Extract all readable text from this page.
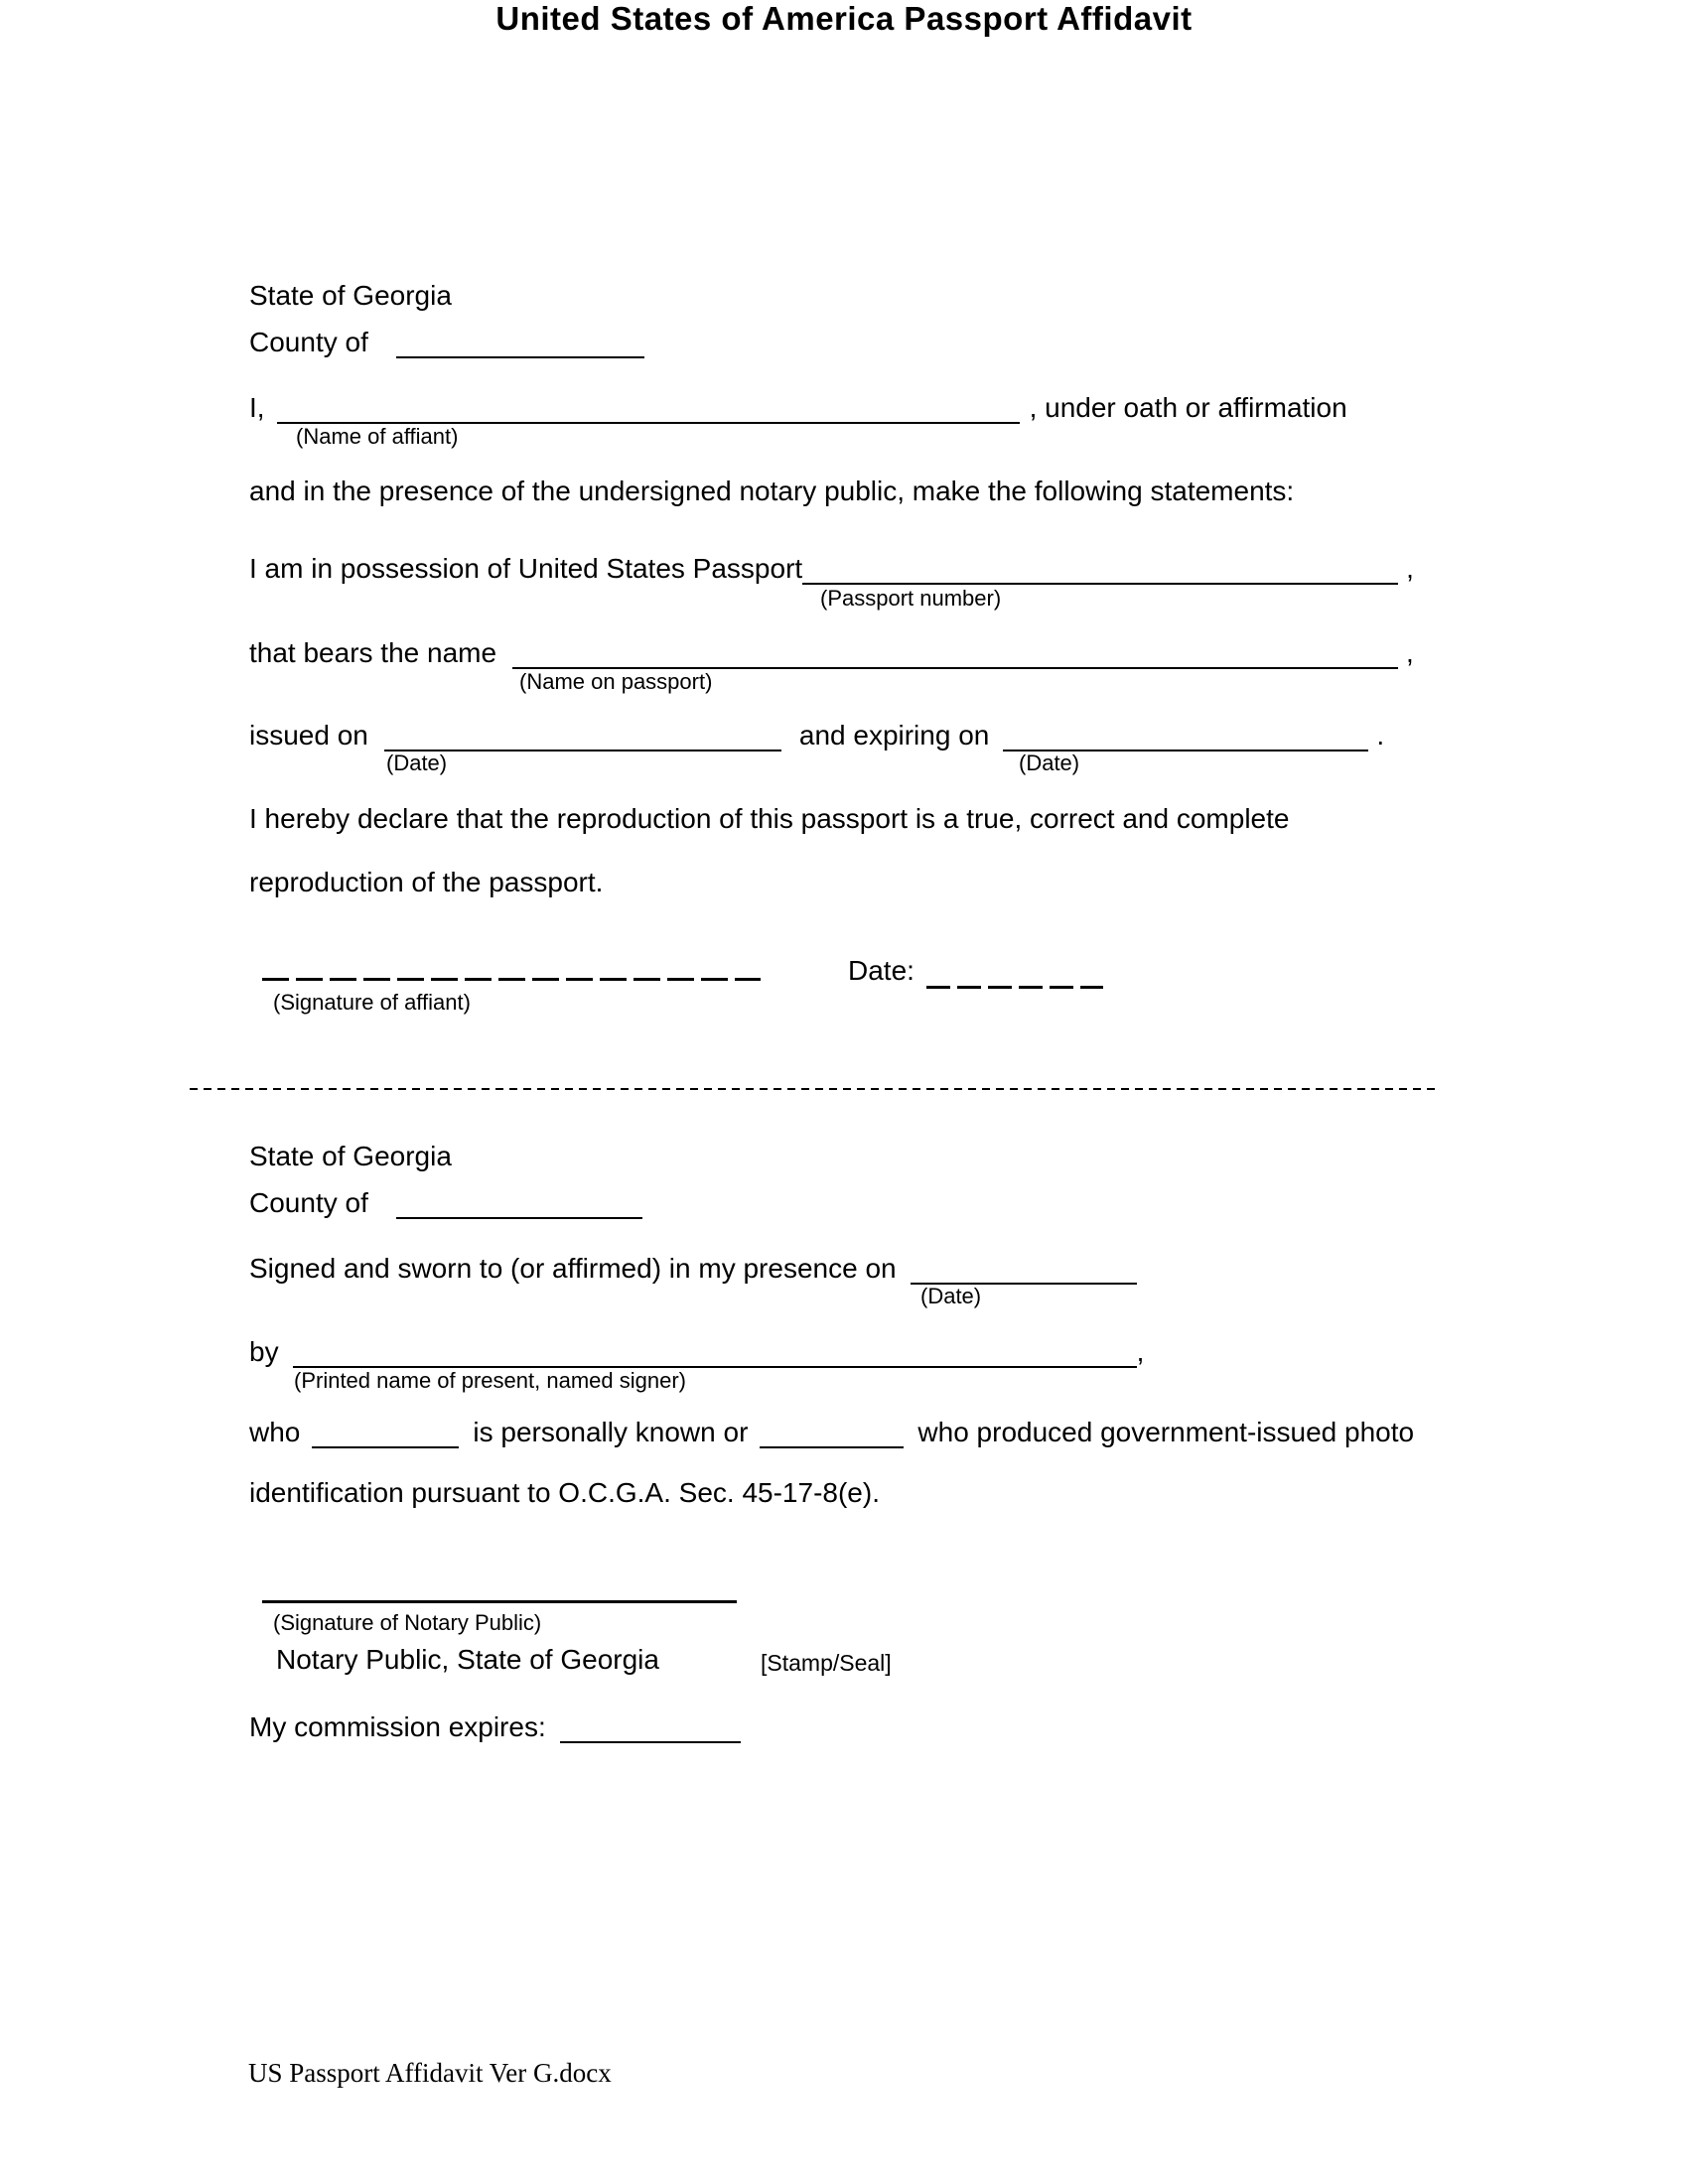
United States of America Passport Affidavit
State of Georgia
County of
I,	, under oath or affirmation
(Name of affiant)
and in the presence of the undersigned notary public, make the following statements:
I am in possession of United States Passport	,
(Passport number)
that bears the name	,
(Name on passport)
issued on	and expiring on	.
(Date)	(Date)
I hereby declare that the reproduction of this passport is a true, correct and complete
reproduction of the passport.
Date:
(Signature of affiant)
State of Georgia
County of
Signed and sworn to (or affirmed) in my presence on
(Date)
by	,
(Printed name of present, named signer)
who	is personally known or	who produced government-issued photo
identification pursuant to O.C.G.A. Sec. 45-17-8(e).
(Signature of Notary Public)
Notary Public, State of Georgia	[Stamp/Seal]
My commission expires:
US Passport Affidavit Ver G.docx
